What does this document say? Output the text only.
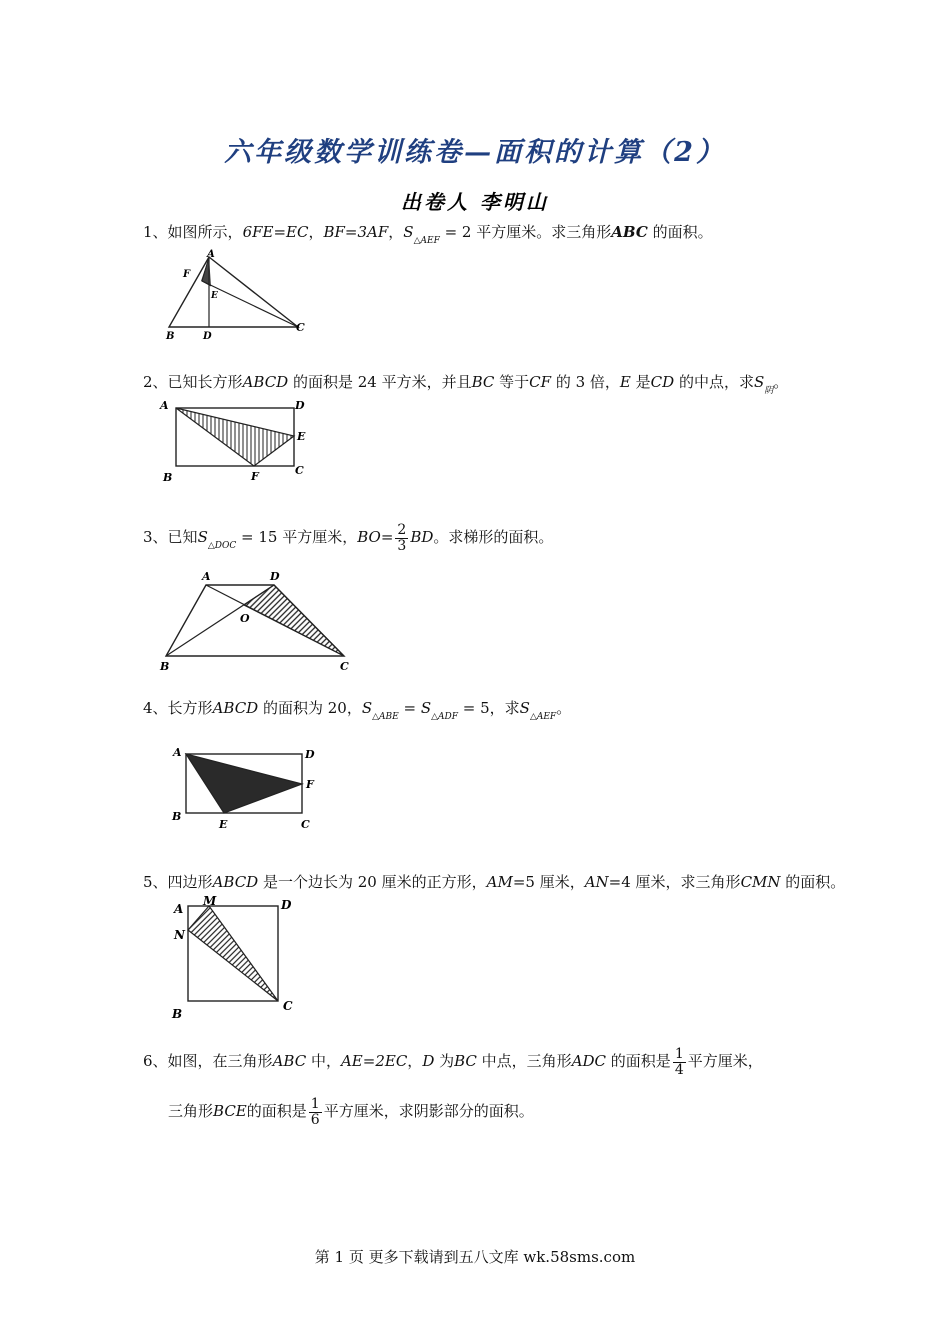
六年级数学训练卷—面积的计算（2）
出卷人 李明山
1、如图所示，6FE=EC，BF=3AF，$S_{\triangle AEF} = 2$ 平方厘米。求三角形ABC 的面积。
A
F
E
B	D
C
2、已知长方形ABCD 的面积是 24 平方米，并且BC 等于CF 的 3 倍，E 是CD 的中点，求$S_阴$。
A	D
E
B	F	C
3、已知$S_{\triangle DOC} = 15$ 平方厘米，$BO= \frac{2}{3}$ BD。求梯形的面积。
A	D
O
B	C
4、长方形ABCD 的面积为 20，$S_{\triangle ABE} = S_{\triangle ADF} = 5$，求$S_{\triangle AEF}$。
A	D
F
B
E	C
5、四边形ABCD 是一个边长为 20 厘米的正方形，AM=5 厘米，AN=4 厘米，求三角形CMN 的面积。
A
M	D
N
B
C
6、如图，在三角形ABC 中，AE=2EC，D 为BC 中点，三角形ADC 的面积是 $\frac{1}{4}$ 平方厘米，
三角形BCE的面积是 $\frac{1}{6}$ 平方厘米，求阴影部分的面积。
第 1 页 更多下载请到五八文库 wk.58sms.com
